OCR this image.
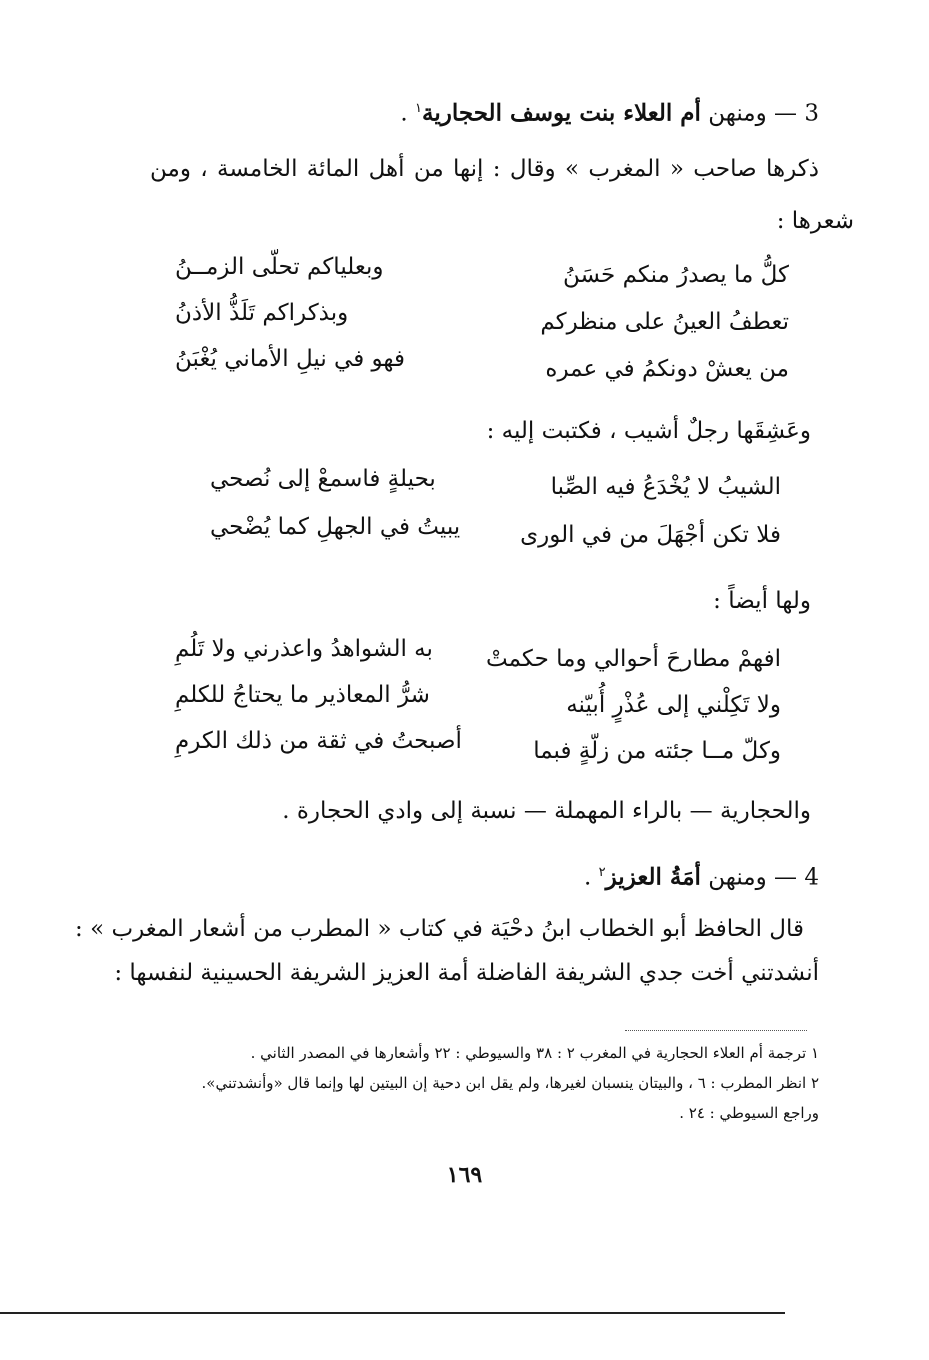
3 — ومنهن أم العلاء بنت يوسف الحجارية$^١$ .
ذكرها صاحب « المغرب » وقال : إنها من أهل المائة الخامسة ، ومن
شعرها :
كلُّ ما يصدرُ منكم حَسَنُ
وبعلياكم تحلّى الزمــنُ
تعطفُ العينُ على منظركم
وبذكراكم تَلَذُّ الأذنُ
من يعشْ دونكمُ في عمره
فهو في نيلِ الأماني يُغْبَنُ
وعَشِقَها رجلٌ أشيب ، فكتبت إليه :
الشيبُ لا يُخْدَعُ فيه الصِّبا
بحيلةٍ فاسمعْ إلى نُصحي
فلا تكن أجْهَلَ من في الورى
يبيتُ في الجهلِ كما يُضْحي
ولها أيضاً :
افهمْ مطارحَ أحوالي وما حكمتْ
به الشواهدُ واعذرني ولا تَلُمِ
ولا تَكِلْني إلى عُذْرٍ أُبيّنه
شرُّ المعاذير ما يحتاجُ للكلمِ
وكلّ مــا جئته من زلّةٍ فبما
أصبحتُ في ثقة من ذلك الكرمِ
والحجارية — بالراء المهملة — نسبة إلى وادي الحجارة .
4 — ومنهن أمَةُ العزيز$^٢$ .
قال الحافظ أبو الخطاب ابنُ دحْيَة في كتاب « المطرب من أشعار المغرب » :
أنشدتني أخت جدي الشريفة الفاضلة أمة العزيز الشريفة الحسينية لنفسها :
١ ترجمة أم العلاء الحجارية في المغرب ٢ : ٣٨ والسيوطي : ٢٢ وأشعارها في المصدر الثاني .
٢ انظر المطرب : ٦ ، والبيتان ينسبان لغيرها، ولم يقل ابن دحية إن البيتين لها وإنما قال «وأنشدتني».
وراجع السيوطي : ٢٤ .
١٦٩
